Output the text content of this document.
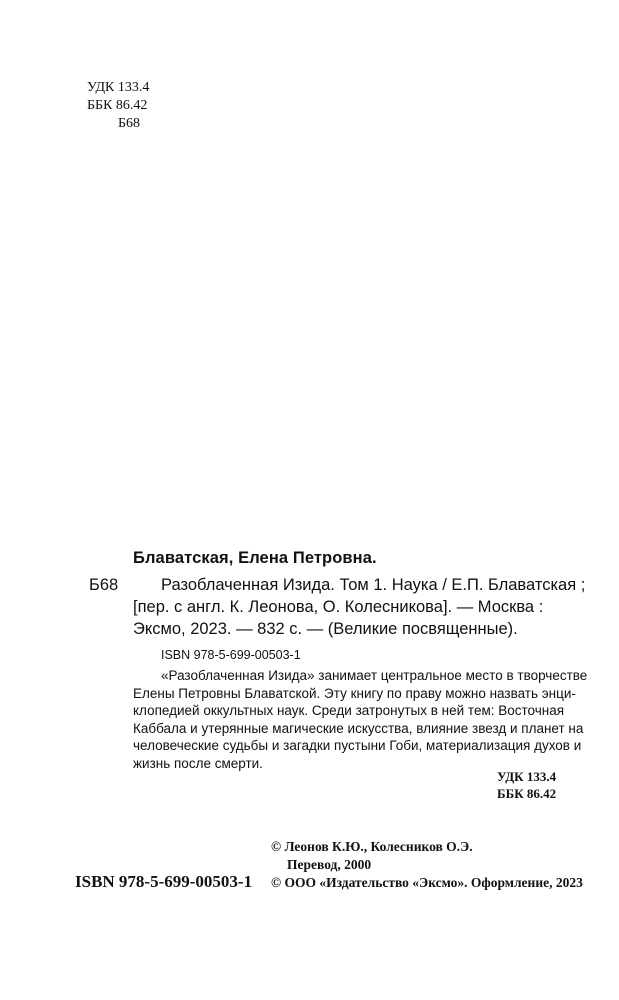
УДК 133.4
ББК 86.42
Б68
Блаватская, Елена Петровна.
Б68	Разоблаченная Изида. Том 1. Наука / Е.П. Блаватская ;
[пер. с англ. К. Леонова, О. Колесникова]. — Москва :
Эксмо, 2023. — 832 с. — (Великие посвященные).
ISBN 978-5-699-00503-1
«Разоблаченная Изида» занимает центральное место в творчестве
Елены Петровны Блаватской. Эту книгу по праву можно назвать энци-
клопедией оккультных наук. Среди затронутых в ней тем: Восточная
Каббала и утерянные магические искусства, влияние звезд и планет на
человеческие судьбы и загадки пустыни Гоби, материализация духов и
жизнь после смерти.
УДК 133.4
ББК 86.42
© Леонов К.Ю., Колесников О.Э.
Перевод, 2000
ISBN 978-5-699-00503-1 © ООО «Издательство «Эксмо». Оформление, 2023
